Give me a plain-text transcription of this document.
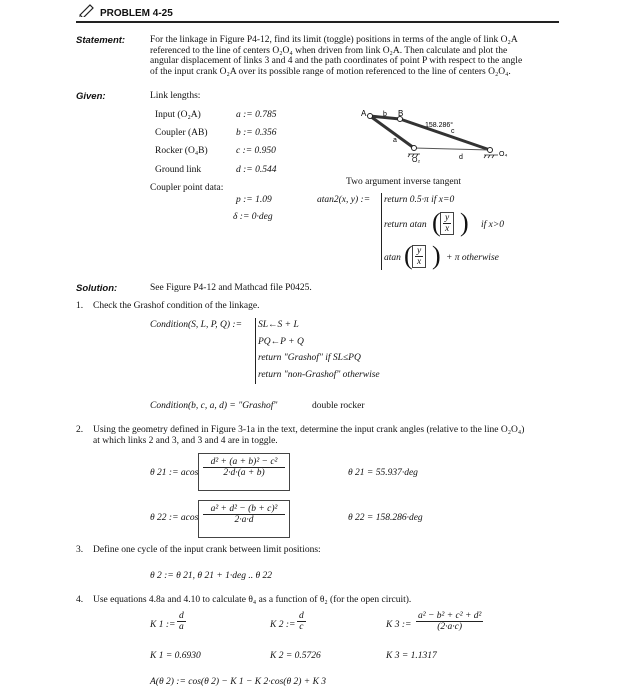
PROBLEM 4-25
Statement:	For the linkage in Figure P4-12, find its limit (toggle) positions in terms of the angle of link O₂A
referenced to the line of centers O₂O₄ when driven from link O₂A. Then calculate and plot the
angular displacement of links 3 and 4 and the path coordinates of point P with respect to the angle
of the input crank O₂A over its possible range of motion referenced to the line of centers O₂O₄.
Given:	Link lengths:
Input (O₂A)	a := 0.785
Coupler (AB)	b := 0.356
Rocker (O₄B)	c := 0.950
Ground link	d := 0.544
Coupler point data:
p := 1.09
δ := 0·deg
A b B
158.286°
a
c
O₂	d	O₄
Two argument inverse tangent
atan2(x, y) := return 0.5·π if x=0
return atan ( $\frac{y}{x}$ ) if x>0
atan ( $\frac{y}{x}$ ) + π otherwise
Solution:	See Figure P4-12 and Mathcad file P0425.
1. Check the Grashof condition of the linkage.
Condition(S, L, P, Q) := SL←S + L
PQ←P + Q
return "Grashof" if SL≤PQ
return "non-Grashof" otherwise
Condition(b, c, a, d) = "Grashof"	double rocker
2. Using the geometry defined in Figure 3-1a in the text, determine the input crank angles (relative to the line O₂O₄)
at which links 2 and 3, and 3 and 4 are in toggle.
θ 21 := acos $\frac{\text{d² + (a + b)² − c²}}{2\cdot d\cdot(a + b)}$	θ 21 = 55.937·deg
θ 22 := acos $\frac{\text{a² + d² − (b + c)²}}{2\cdot a\cdot d}$	θ 22 = 158.286·deg
3. Define one cycle of the input crank between limit positions:
θ 2 := θ 21, θ 21 + 1·deg .. θ 22
4. Use equations 4.8a and 4.10 to calculate θ₄ as a function of θ₂ (for the open circuit).
K 1 := $\frac{d}{a}$	K 2 := $\frac{d}{c}$	K 3 := $\frac{\text{a² − b² + c² + d²}}{(2\cdot a\cdot c)}$
K 1 = 0.6930	K 2 = 0.5726	K 3 = 1.1317
A(θ 2) := cos(θ 2) − K 1 − K 2·cos(θ 2) + K 3
